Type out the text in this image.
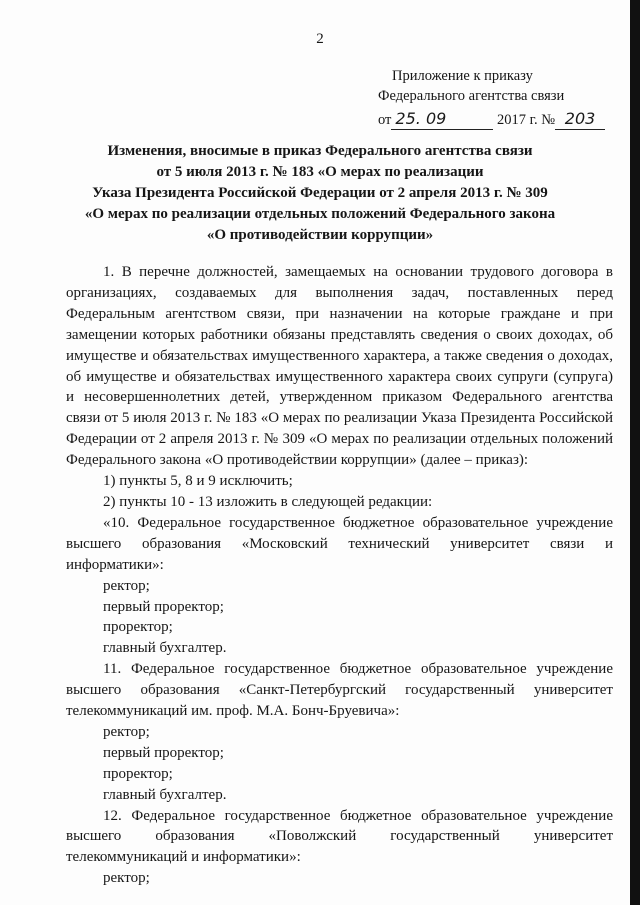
2
Приложение к приказу
Федерального агентства связи
от 25. 09	2017 г. № 203
Изменения, вносимые в приказ Федерального агентства связи
от 5 июля 2013 г. № 183 «О мерах по реализации
Указа Президента Российской Федерации от 2 апреля 2013 г. № 309
«О мерах по реализации отдельных положений Федерального закона
«О противодействии коррупции»

1. В перечне должностей, замещаемых на основании трудового договора в организациях, создаваемых для выполнения задач, поставленных перед Федеральным агентством связи, при назначении на которые граждане и при замещении которых работники обязаны представлять сведения о своих доходах, об имуществе и обязательствах имущественного характера, а также сведения о доходах, об имуществе и обязательствах имущественного характера своих супруги (супруга) и несовершеннолетних детей, утвержденном приказом Федерального агентства связи от 5 июля 2013 г. № 183 «О мерах по реализации Указа Президента Российской Федерации от 2 апреля 2013 г. № 309 «О мерах по реализации отдельных положений Федерального закона «О противодействии коррупции» (далее – приказ):

1) пункты 5, 8 и 9 исключить;

2) пункты 10 - 13 изложить в следующей редакции:

«10. Федеральное государственное бюджетное образовательное учреждение высшего образования «Московский технический университет связи и информатики»:

ректор;

первый проректор;

проректор;

главный бухгалтер.

11. Федеральное государственное бюджетное образовательное учреждение высшего образования «Санкт-Петербургский государственный университет телекоммуникаций им. проф. М.А. Бонч-Бруевича»:

ректор;

первый проректор;

проректор;

главный бухгалтер.

12. Федеральное государственное бюджетное образовательное учреждение высшего образования «Поволжский государственный университет телекоммуникаций и информатики»:

ректор;
